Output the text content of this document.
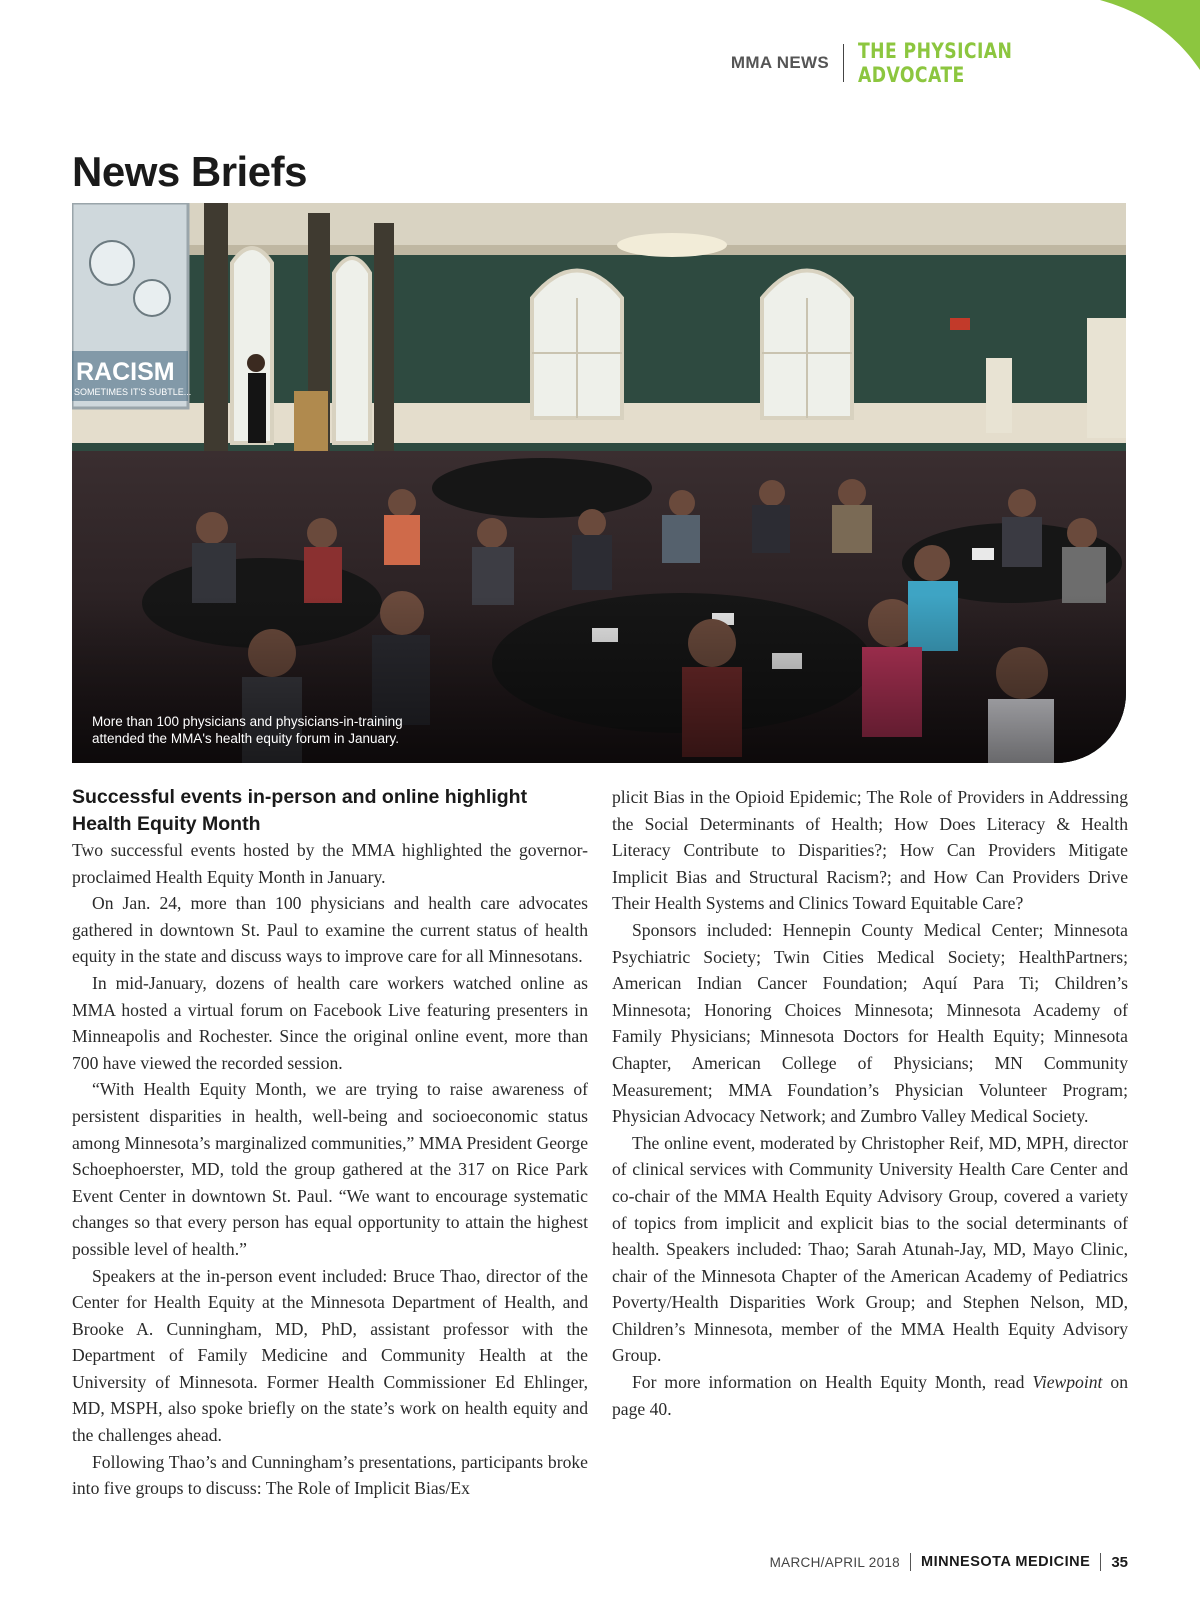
MMA NEWS THE PHYSICIAN ADVOCATE
News Briefs

More than 100 physicians and physicians-in-training
attended the MMA's health equity forum in January.

Successful events in-person and online highlight Health Equity Month

Two successful events hosted by the MMA highlighted the governor-proclaimed Health Equity Month in January.

On Jan. 24, more than 100 physicians and health care advocates gathered in downtown St. Paul to examine the current status of health equity in the state and discuss ways to improve care for all Minnesotans.

In mid-January, dozens of health care workers watched online as MMA hosted a virtual forum on Facebook Live featuring presenters in Minneapolis and Rochester. Since the original online event, more than 700 have viewed the recorded session.

“With Health Equity Month, we are trying to raise awareness of persistent disparities in health, well-being and socioeconomic status among Minnesota’s marginalized communities,” MMA President George Schoephoerster, MD, told the group gathered at the 317 on Rice Park Event Center in downtown St. Paul. “We want to encourage systematic changes so that every person has equal opportunity to attain the highest possible level of health.”

Speakers at the in-person event included: Bruce Thao, director of the Center for Health Equity at the Minnesota Department of Health, and Brooke A. Cunningham, MD, PhD, assistant professor with the Department of Family Medicine and Community Health at the University of Minnesota. Former Health Commissioner Ed Ehlinger, MD, MSPH, also spoke briefly on the state’s work on health equity and the challenges ahead.

Following Thao’s and Cunningham’s presentations, participants broke into five groups to discuss: The Role of Implicit Bias/Ex

plicit Bias in the Opioid Epidemic; The Role of Providers in Addressing the Social Determinants of Health; How Does Literacy & Health Literacy Contribute to Disparities?; How Can Providers Mitigate Implicit Bias and Structural Racism?; and How Can Providers Drive Their Health Systems and Clinics Toward Equitable Care?

Sponsors included: Hennepin County Medical Center; Minnesota Psychiatric Society; Twin Cities Medical Society; HealthPartners; American Indian Cancer Foundation; Aquí Para Ti; Children’s Minnesota; Honoring Choices Minnesota; Minnesota Academy of Family Physicians; Minnesota Doctors for Health Equity; Minnesota Chapter, American College of Physicians; MN Community Measurement; MMA Foundation’s Physician Volunteer Program; Physician Advocacy Network; and Zumbro Valley Medical Society.

The online event, moderated by Christopher Reif, MD, MPH, director of clinical services with Community University Health Care Center and co-chair of the MMA Health Equity Advisory Group, covered a variety of topics from implicit and explicit bias to the social determinants of health. Speakers included: Thao; Sarah Atunah-Jay, MD, Mayo Clinic, chair of the Minnesota Chapter of the American Academy of Pediatrics Poverty/Health Disparities Work Group; and Stephen Nelson, MD, Children’s Minnesota, member of the MMA Health Equity Advisory Group.

For more information on Health Equity Month, read Viewpoint on page 40.

MARCH/APRIL 2018 MINNESOTA MEDICINE 35
